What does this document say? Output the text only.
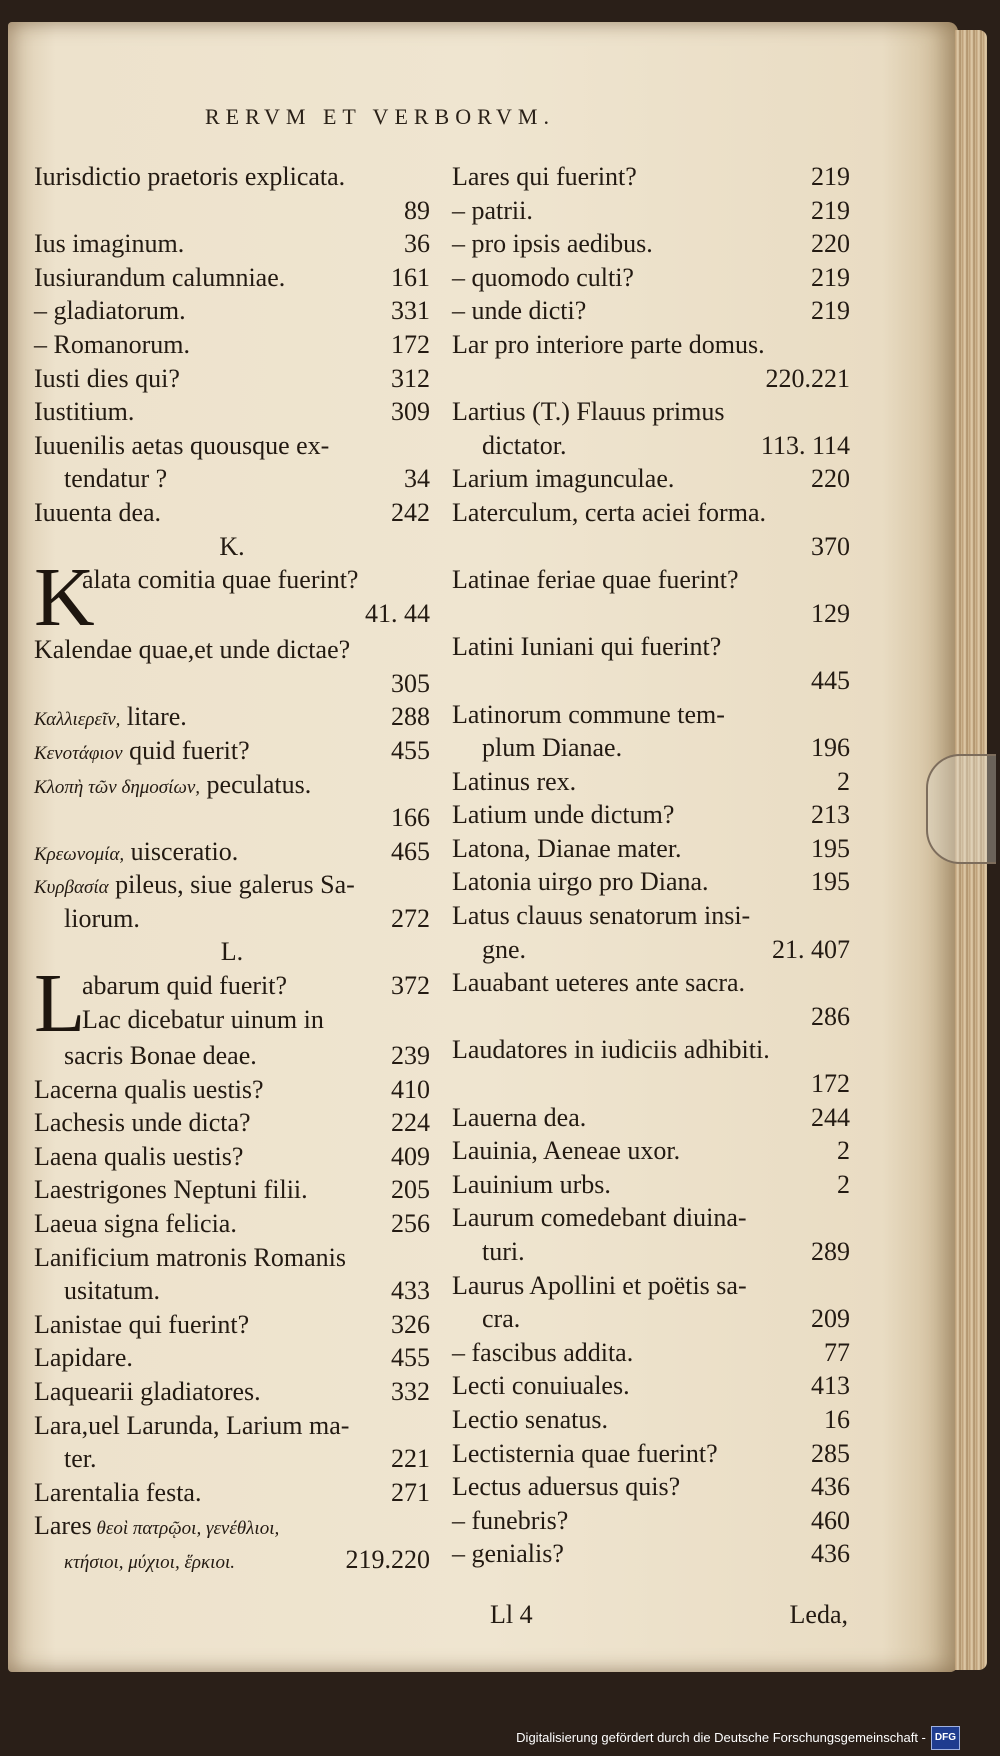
RERVM ET VERBORVM.
Iurisdictio praetoris explicata.
89
Ius imaginum.	36
Iusiurandum calumniae.	161
– gladiatorum.	331
– Romanorum.	172
Iusti dies qui?	312
Iustitium.	309
Iuuenilis aetas quousque ex-
tendatur ?	34
Iuuenta dea.	242
K.
K
alata comitia quae fuerint?
41. 44
Kalendae quae,et unde dictae?
305
Καλλιερεῖν, litare.	288
Κενοτάφιον quid fuerit?	455
Κλοπὴ τῶν δημοσίων, peculatus.
166
Κρεωνομία, uisceratio.	465
Κυρβασία pileus, siue galerus Sa-
liorum.	272
L.
L
abarum quid fuerit?	372
Lac dicebatur uinum in
sacris Bonae deae.	239
Lacerna qualis uestis?	410
Lachesis unde dicta?	224
Laena qualis uestis?	409
Laestrigones Neptuni filii.	205
Laeua signa felicia.	256
Lanificium matronis Romanis
usitatum.	433
Lanistae qui fuerint?	326
Lapidare.	455
Laquearii gladiatores.	332
Lara,uel Larunda, Larium ma-
ter.	221
Larentalia festa.	271
Lares θεοὶ πατρῷοι, γενέθλιοι,
κτήσιοι, μύχιοι, ἕρκιοι.	219.220
Lares qui fuerint?	219
– patrii.	219
– pro ipsis aedibus.	220
– quomodo culti?	219
– unde dicti?	219
Lar pro interiore parte domus.
220.221
Lartius (T.) Flauus primus
dictator.	113. 114
Larium imagunculae.	220
Laterculum, certa aciei forma.
370
Latinae feriae quae fuerint?
129
Latini Iuniani qui fuerint?
445
Latinorum commune tem-
plum Dianae.	196
Latinus rex.	2
Latium unde dictum?	213
Latona, Dianae mater.	195
Latonia uirgo pro Diana.	195
Latus clauus senatorum insi-
gne.	21. 407
Lauabant ueteres ante sacra.
286
Laudatores in iudiciis adhibiti.
172
Lauerna dea.	244
Lauinia, Aeneae uxor.	2
Lauinium urbs.	2
Laurum comedebant diuina-
turi.	289
Laurus Apollini et poëtis sa-
cra.	209
– fascibus addita.	77
Lecti conuiuales.	413
Lectio senatus.	16
Lectisternia quae fuerint?	285
Lectus aduersus quis?	436
– funebris?	460
– genialis?	436
Ll 4	Leda,
Digitalisierung gefördert durch die Deutsche Forschungsgemeinschaft - DFG
